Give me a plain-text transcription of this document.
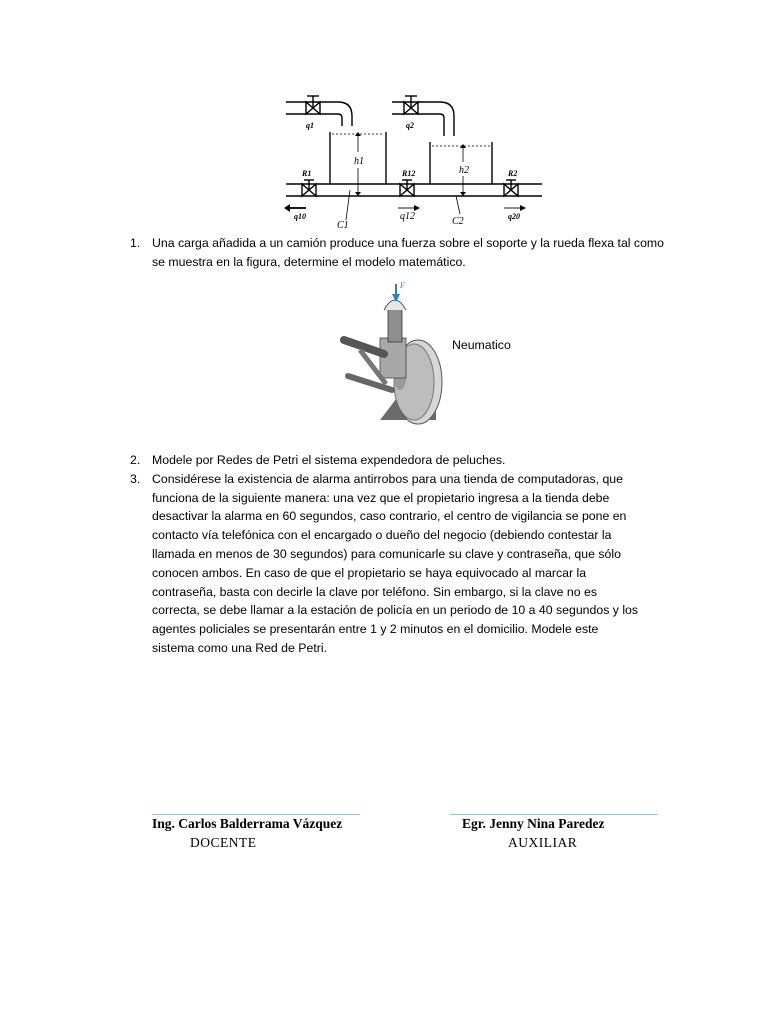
q1	q2
R1	R12	R2
q10	q12	q20
h1
h2
C1	C2
1. Una carga añadida a un camión produce una fuerza sobre el soporte y la rueda flexa tal como se muestra en la figura, determine el modelo matemático.
F
Neumatico
2. Modele por Redes de Petri el sistema expendedora de peluches.
3. Considérese la existencia de alarma antirrobos para una tienda de computadoras, que funciona de la siguiente manera: una vez que el propietario ingresa a la tienda debe desactivar la alarma en 60 segundos, caso contrario, el centro de vigilancia se pone en contacto vía telefónica con el encargado o dueño del negocio (debiendo contestar la llamada en menos de 30 segundos) para comunicarle su clave y contraseña, que sólo conocen ambos. En caso de que el propietario se haya equivocado al marcar la contraseña, basta con decirle la clave por teléfono. Sin embargo, si la clave no es correcta, se debe llamar a la estación de policía en un periodo de 10 a 40 segundos y los agentes policiales se presentarán entre 1 y 2 minutos en el domicilio. Modele este sistema como una Red de Petri.
Ing. Carlos Balderrama Vázquez
DOCENTE
Egr. Jenny Nina Paredez
AUXILIAR
